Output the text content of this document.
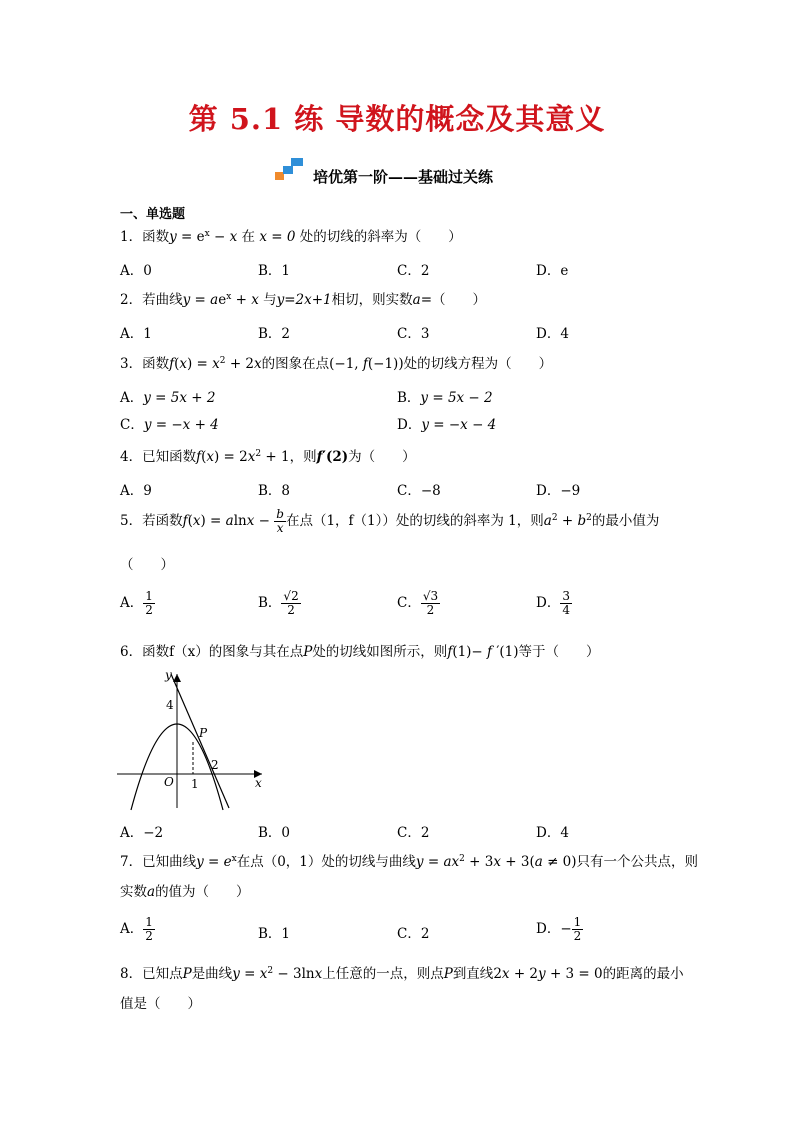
第 5.1 练 导数的概念及其意义
培优第一阶——基础过关练
一、单选题
1．函数$y = e^x - x$ 在 x = 0 处的切线的斜率为（　　）
A．0	B．1	C．2	D．e
2．若曲线$y = ae^x + x$ 与y=2x+1相切，则实数a=（　　）
A．1	B．2	C．3	D．4
3．函数$f(x) = x^2 + 2x$的图象在点(−1, f(−1))处的切线方程为（　　）
A．y = 5x + 2	B．y = 5x − 2
C．y = −x + 4	D．y = −x − 4
4．已知函数$f(x) = 2x^2 + 1$，则f′(2)为（　　）
A．9	B．8	C．−8	D．−9
5．若函数$f(x) = alnx - \frac{b}{x}$ 在点（1，f（1））处的切线的斜率为 1，则$a^2 + b^2$的最小值为
（　　）
A． $\frac{1}{2}$	B． $\frac{√2}{2}$	C． $\frac{√3}{2}$	D． $\frac{3}{4}$
6．函数f（x）的图象与其在点P处的切线如图所示，则f(1)− f ′(1)等于（　　）
y
x
O
4
1
2
P
A．−2	B．0	C．2	D．4
7．已知曲线$y = e^x$在点（0，1）处的切线与曲线$y = ax^2 + 3x + 3(a \ne 0)$只有一个公共点，则
实数a的值为（　　）
A． $\frac{1}{2}$	B．1	C．2	D．− $\frac{1}{2}$
8．已知点P是曲线$y = x^2 - 3\ln x$上任意的一点，则点P到直线2x + 2y + 3 = 0的距离的最小
值是（　　）
